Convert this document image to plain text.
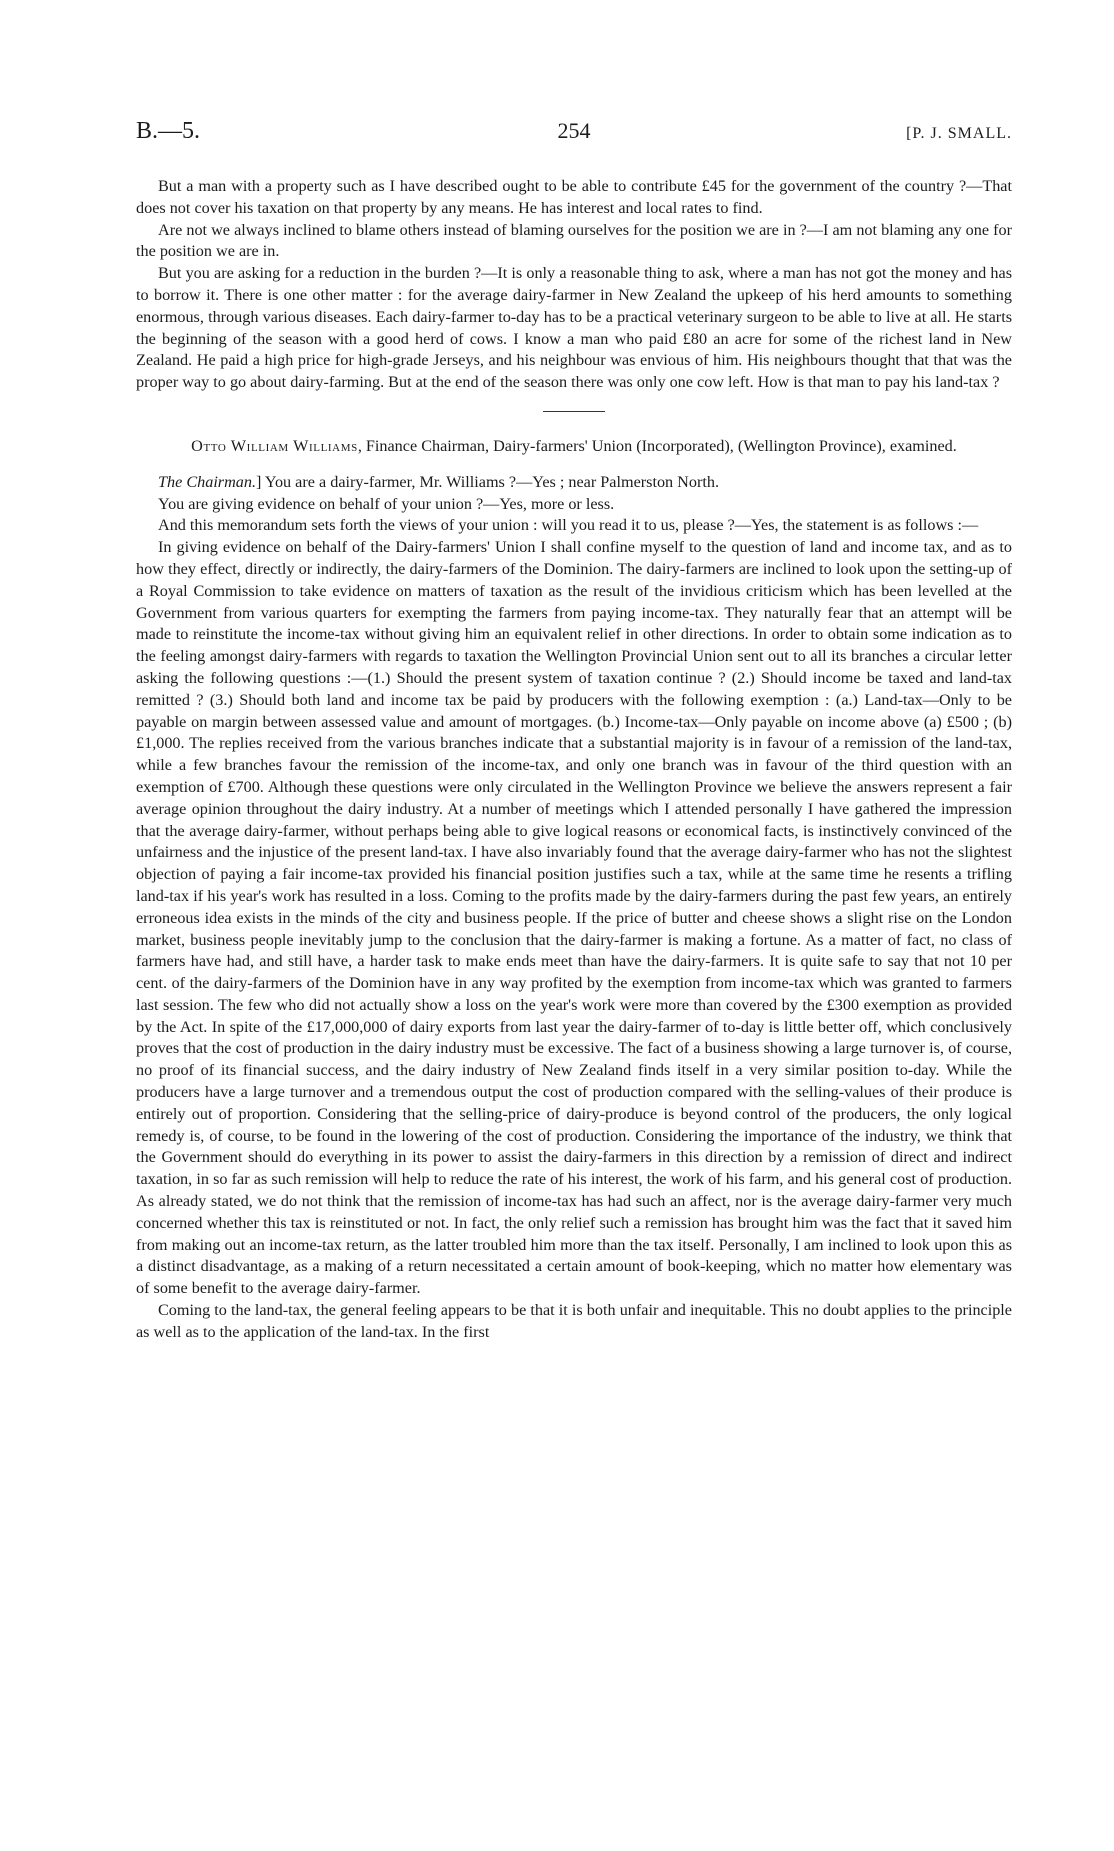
B.—5.	254	[P. J. SMALL.

But a man with a property such as I have described ought to be able to contribute £45 for the government of the country ?—That does not cover his taxation on that property by any means. He has interest and local rates to find.

Are not we always inclined to blame others instead of blaming ourselves for the position we are in ?—I am not blaming any one for the position we are in.

But you are asking for a reduction in the burden ?—It is only a reasonable thing to ask, where a man has not got the money and has to borrow it. There is one other matter : for the average dairy-farmer in New Zealand the upkeep of his herd amounts to something enormous, through various diseases. Each dairy-farmer to-day has to be a practical veterinary surgeon to be able to live at all. He starts the beginning of the season with a good herd of cows. I know a man who paid £80 an acre for some of the richest land in New Zealand. He paid a high price for high-grade Jerseys, and his neighbour was envious of him. His neighbours thought that that was the proper way to go about dairy-farming. But at the end of the season there was only one cow left. How is that man to pay his land-tax ?

Otto William Williams, Finance Chairman, Dairy-farmers' Union (Incorporated), (Wellington Province), examined.

The Chairman.] You are a dairy-farmer, Mr. Williams ?—Yes ; near Palmerston North.

You are giving evidence on behalf of your union ?—Yes, more or less.

And this memorandum sets forth the views of your union : will you read it to us, please ?—Yes, the statement is as follows :—

In giving evidence on behalf of the Dairy-farmers' Union I shall confine myself to the question of land and income tax, and as to how they effect, directly or indirectly, the dairy-farmers of the Dominion. The dairy-farmers are inclined to look upon the setting-up of a Royal Commission to take evidence on matters of taxation as the result of the invidious criticism which has been levelled at the Government from various quarters for exempting the farmers from paying income-tax. They naturally fear that an attempt will be made to reinstitute the income-tax without giving him an equivalent relief in other directions. In order to obtain some indication as to the feeling amongst dairy-farmers with regards to taxation the Wellington Provincial Union sent out to all its branches a circular letter asking the following questions :—(1.) Should the present system of taxation continue ? (2.) Should income be taxed and land-tax remitted ? (3.) Should both land and income tax be paid by producers with the following exemption : (a.) Land-tax—Only to be payable on margin between assessed value and amount of mortgages. (b.) Income-tax—Only payable on income above (a) £500 ; (b) £1,000. The replies received from the various branches indicate that a substantial majority is in favour of a remission of the land-tax, while a few branches favour the remission of the income-tax, and only one branch was in favour of the third question with an exemption of £700. Although these questions were only circulated in the Wellington Province we believe the answers represent a fair average opinion throughout the dairy industry. At a number of meetings which I attended personally I have gathered the impression that the average dairy-farmer, without perhaps being able to give logical reasons or economical facts, is instinctively convinced of the unfairness and the injustice of the present land-tax. I have also invariably found that the average dairy-farmer who has not the slightest objection of paying a fair income-tax provided his financial position justifies such a tax, while at the same time he resents a trifling land-tax if his year's work has resulted in a loss. Coming to the profits made by the dairy-farmers during the past few years, an entirely erroneous idea exists in the minds of the city and business people. If the price of butter and cheese shows a slight rise on the London market, business people inevitably jump to the conclusion that the dairy-farmer is making a fortune. As a matter of fact, no class of farmers have had, and still have, a harder task to make ends meet than have the dairy-farmers. It is quite safe to say that not 10 per cent. of the dairy-farmers of the Dominion have in any way profited by the exemption from income-tax which was granted to farmers last session. The few who did not actually show a loss on the year's work were more than covered by the £300 exemption as provided by the Act. In spite of the £17,000,000 of dairy exports from last year the dairy-farmer of to-day is little better off, which conclusively proves that the cost of production in the dairy industry must be excessive. The fact of a business showing a large turnover is, of course, no proof of its financial success, and the dairy industry of New Zealand finds itself in a very similar position to-day. While the producers have a large turnover and a tremendous output the cost of production compared with the selling-values of their produce is entirely out of proportion. Considering that the selling-price of dairy-produce is beyond control of the producers, the only logical remedy is, of course, to be found in the lowering of the cost of production. Considering the importance of the industry, we think that the Government should do everything in its power to assist the dairy-farmers in this direction by a remission of direct and indirect taxation, in so far as such remission will help to reduce the rate of his interest, the work of his farm, and his general cost of production. As already stated, we do not think that the remission of income-tax has had such an affect, nor is the average dairy-farmer very much concerned whether this tax is reinstituted or not. In fact, the only relief such a remission has brought him was the fact that it saved him from making out an income-tax return, as the latter troubled him more than the tax itself. Personally, I am inclined to look upon this as a distinct disadvantage, as a making of a return necessitated a certain amount of book-keeping, which no matter how elementary was of some benefit to the average dairy-farmer.

Coming to the land-tax, the general feeling appears to be that it is both unfair and inequitable. This no doubt applies to the principle as well as to the application of the land-tax. In the first
